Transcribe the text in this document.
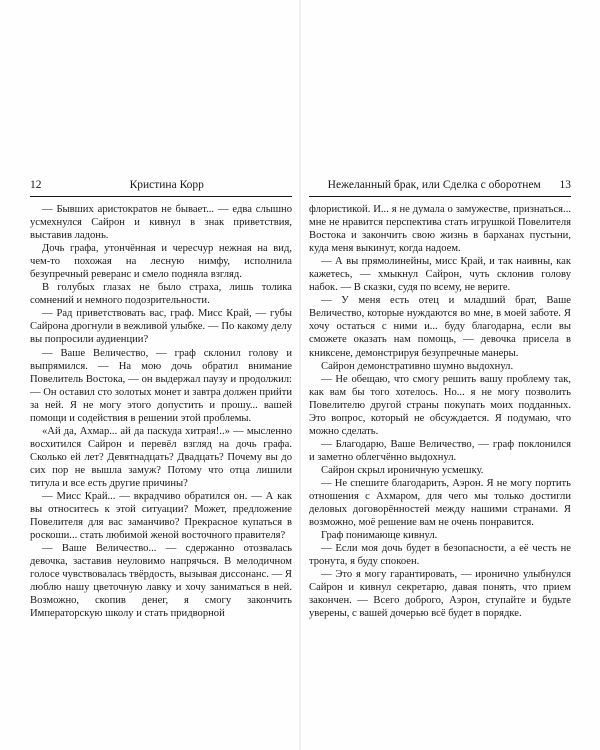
12	Кристина Корр

— Бывших аристократов не бывает... — едва слышно усмехнулся Сайрон и кивнул в знак приветствия, выставив ладонь.

Дочь графа, утончённая и чересчур нежная на вид, чем-то похожая на лесную нимфу, исполнила безупречный реверанс и смело подняла взгляд.

В голубых глазах не было страха, лишь толика сомнений и немного подозрительности.

— Рад приветствовать вас, граф. Мисс Край, — губы Сайрона дрогнули в вежливой улыбке. — По какому делу вы попросили аудиенции?

— Ваше Величество, — граф склонил голову и выпрямился. — На мою дочь обратил внимание Повелитель Востока, — он выдержал паузу и продолжил: — Он оставил сто золотых монет и завтра должен прийти за ней. Я не могу этого допустить и прошу... вашей помощи и содействия в решении этой проблемы.

«Ай да, Ахмар... ай да паскуда хитрая!..» — мысленно восхитился Сайрон и перевёл взгляд на дочь графа. Сколько ей лет? Девятнадцать? Двадцать? Почему вы до сих пор не вышла замуж? Потому что отца лишили титула и все есть другие причины?

— Мисс Край... — вкрадчиво обратился он. — А как вы относитесь к этой ситуации? Может, предложение Повелителя для вас заманчиво? Прекрасное купаться в роскоши... стать любимой женой восточного правителя?

— Ваше Величество... — сдержанно отозвалась девочка, заставив неуловимо напрячься. В мелодичном голосе чувствовалась твёрдость, вызывая диссонанс. — Я люблю нашу цветочную лавку и хочу заниматься в ней. Возможно, скопив денег, я смогу закончить Императорскую школу и стать придворной

Нежеланный брак, или Сделка с оборотнем	13

флористикой. И... я не думала о замужестве, признаться... мне не нравится перспектива стать игрушкой Повелителя Востока и закончить свою жизнь в барханах пустыни, куда меня выкинут, когда надоем.

— А вы прямолинейны, мисс Край, и так наивны, как кажетесь, — хмыкнул Сайрон, чуть склонив голову набок. — В сказки, судя по всему, не верите.

— У меня есть отец и младший брат, Ваше Величество, которые нуждаются во мне, в моей заботе. Я хочу остаться с ними и... буду благодарна, если вы сможете оказать нам помощь, — девочка присела в книксене, демонстрируя безупречные манеры.

Сайрон демонстративно шумно выдохнул.

— Не обещаю, что смогу решить вашу проблему так, как вам бы того хотелось. Но... я не могу позволить Повелителю другой страны покупать моих подданных. Это вопрос, который не обсуждается. Я подумаю, что можно сделать.

— Благодарю, Ваше Величество, — граф поклонился и заметно облегчённо выдохнул.

Сайрон скрыл ироничную усмешку.

— Не спешите благодарить, Аэрон. Я не могу портить отношения с Ахмаром, для чего мы только достигли деловых договорённостей между нашими странами. Я возможно, моё решение вам не очень понравится.

Граф понимающе кивнул.

— Если моя дочь будет в безопасности, а её честь не тронута, я буду спокоен.

— Это я могу гарантировать, — иронично улыбнулся Сайрон и кивнул секретарю, давая понять, что прием закончен. — Всего доброго, Аэрон, ступайте и будьте уверены, с вашей дочерью всё будет в порядке.
